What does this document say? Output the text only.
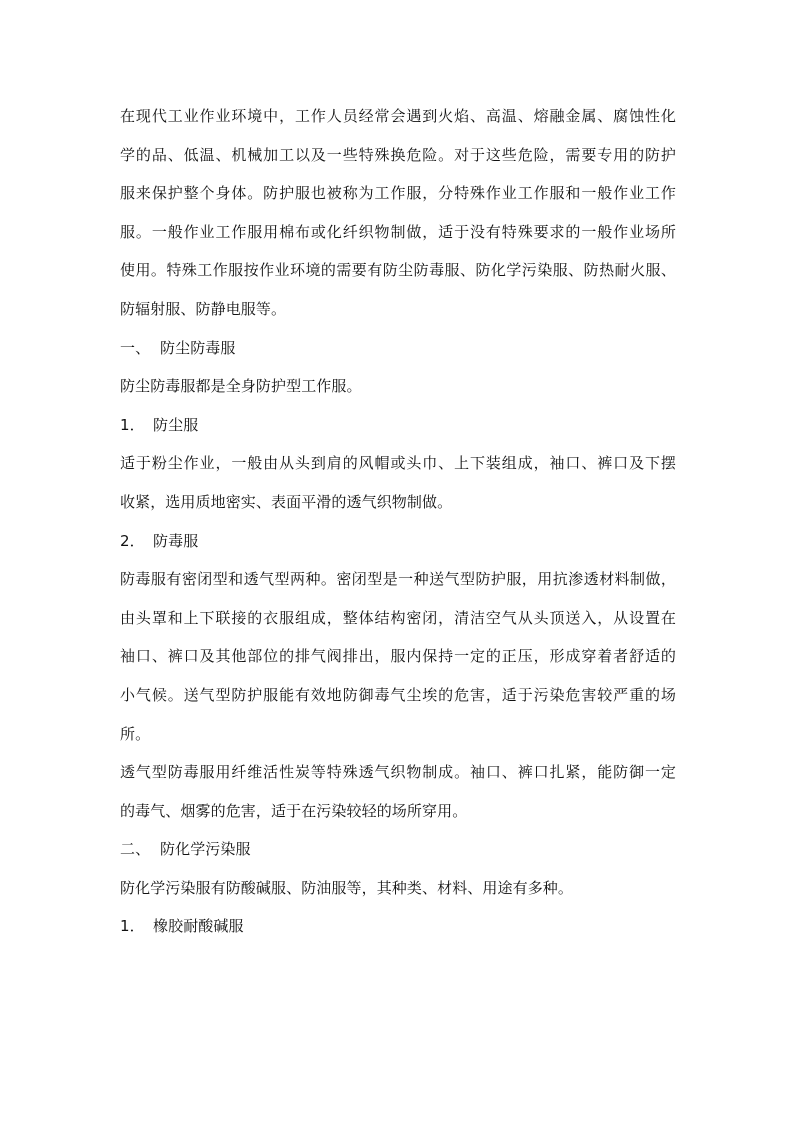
在现代工业作业环境中，工作人员经常会遇到火焰、高温、熔融金属、腐蚀性化
学的品、低温、机械加工以及一些特殊换危险。对于这些危险，需要专用的防护
服来保护整个身体。防护服也被称为工作服，分特殊作业工作服和一般作业工作
服。一般作业工作服用棉布或化纤织物制做，适于没有特殊要求的一般作业场所
使用。特殊工作服按作业环境的需要有防尘防毒服、防化学污染服、防热耐火服、
防辐射服、防静电服等。
一、 防尘防毒服
防尘防毒服都是全身防护型工作服。
1． 防尘服
适于粉尘作业，一般由从头到肩的风帽或头巾、上下装组成，袖口、裤口及下摆
收紧，选用质地密实、表面平滑的透气织物制做。
2． 防毒服
防毒服有密闭型和透气型两种。密闭型是一种送气型防护服，用抗渗透材料制做，
由头罩和上下联接的衣服组成，整体结构密闭，清洁空气从头顶送入，从设置在
袖口、裤口及其他部位的排气阀排出，服内保持一定的正压，形成穿着者舒适的
小气候。送气型防护服能有效地防御毒气尘埃的危害，适于污染危害较严重的场
所。
透气型防毒服用纤维活性炭等特殊透气织物制成。袖口、裤口扎紧，能防御一定
的毒气、烟雾的危害，适于在污染较轻的场所穿用。
二、 防化学污染服
防化学污染服有防酸碱服、防油服等，其种类、材料、用途有多种。
1． 橡胶耐酸碱服
